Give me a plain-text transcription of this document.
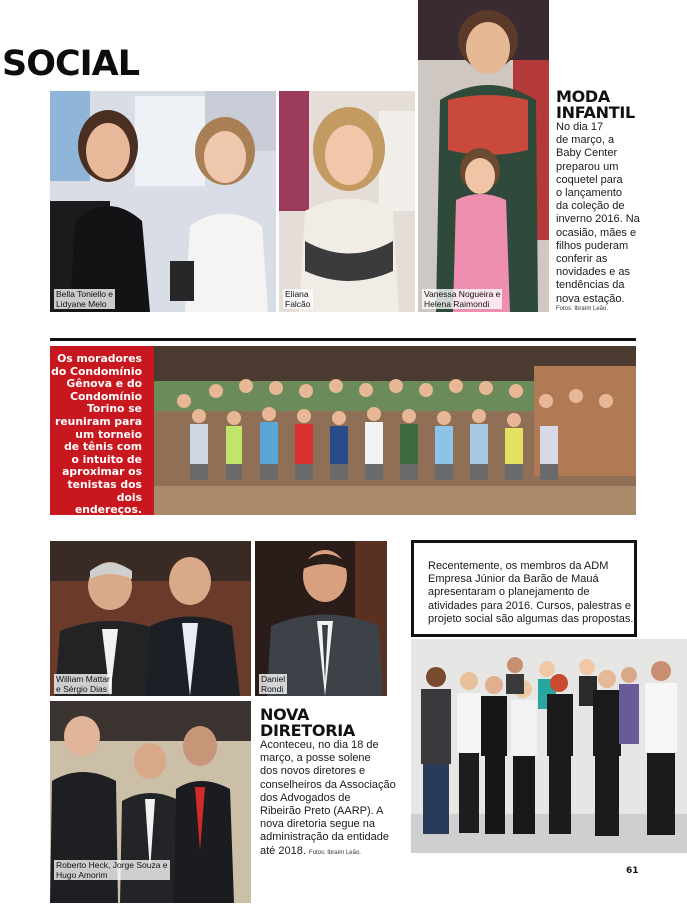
SOCIAL
Bella Toniello e
Lidyane Melo
Eliana
Falcão
Vanessa Nogueira e
Helena Raimondi
MODA
INFANTIL
No dia 17
de março, a
Baby Center
preparou um
coquetel para
o lançamento
da coleção de
inverno 2016. Na
ocasião, mães e
filhos puderam
conferir as
novidades e as
tendências da
nova estação.
Fotos: Ibraím Leão.
Os moradores
do Condomínio
Gênova e do
Condomínio
Torino se
reuniram para
um torneio
de tênis com
o intuito de
aproximar os
tenistas dos
dois endereços.
William Mattar
e Sérgio Dias
Daniel
Rondi
Roberto Heck, Jorge Souza e
Hugo Amorim
NOVA
DIRETORIA
Aconteceu, no dia 18 de
março, a posse solene
dos novos diretores e
conselheiros da Associação
dos Advogados de
Ribeirão Preto (AARP). A
nova diretoria segue na
administração da entidade
até 2018. Fotos: Ibraím Leão.
Recentemente, os membros da ADM
Empresa Júnior da Barão de Mauá
apresentaram o planejamento de
atividades para 2016. Cursos, palestras e
projeto social são algumas das propostas.
61
